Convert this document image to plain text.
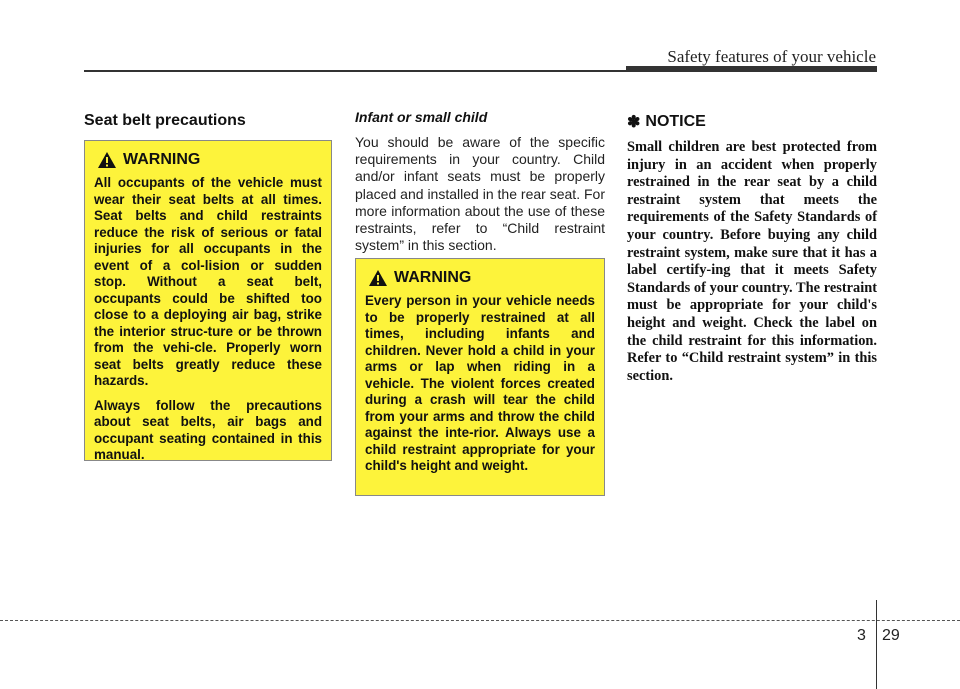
Safety features of your vehicle
Seat belt precautions
WARNING

All occupants of the vehicle must wear their seat belts at all times. Seat belts and child restraints reduce the risk of serious or fatal injuries for all occupants in the event of a col-lision or sudden stop. Without a seat belt, occupants could be shifted too close to a deploying air bag, strike the interior struc-ture or be thrown from the vehi-cle. Properly worn seat belts greatly reduce these hazards.

Always follow the precautions about seat belts, air bags and occupant seating contained in this manual.

Infant or small child

You should be aware of the specific requirements in your country. Child and/or infant seats must be properly placed and installed in the rear seat. For more information about the use of these restraints, refer to “Child restraint system” in this section.

WARNING

Every person in your vehicle needs to be properly restrained at all times, including infants and children. Never hold a child in your arms or lap when riding in a vehicle. The violent forces created during a crash will tear the child from your arms and throw the child against the inte-rior. Always use a child restraint appropriate for your child's height and weight.

✽ NOTICE

Small children are best protected from injury in an accident when properly restrained in the rear seat by a child restraint system that meets the requirements of the Safety Standards of your country. Before buying any child restraint system, make sure that it has a label certify-ing that it meets Safety Standards of your country. The restraint must be appropriate for your child's height and weight. Check the label on the child restraint for this information. Refer to “Child restraint system” in this section.

3 29
